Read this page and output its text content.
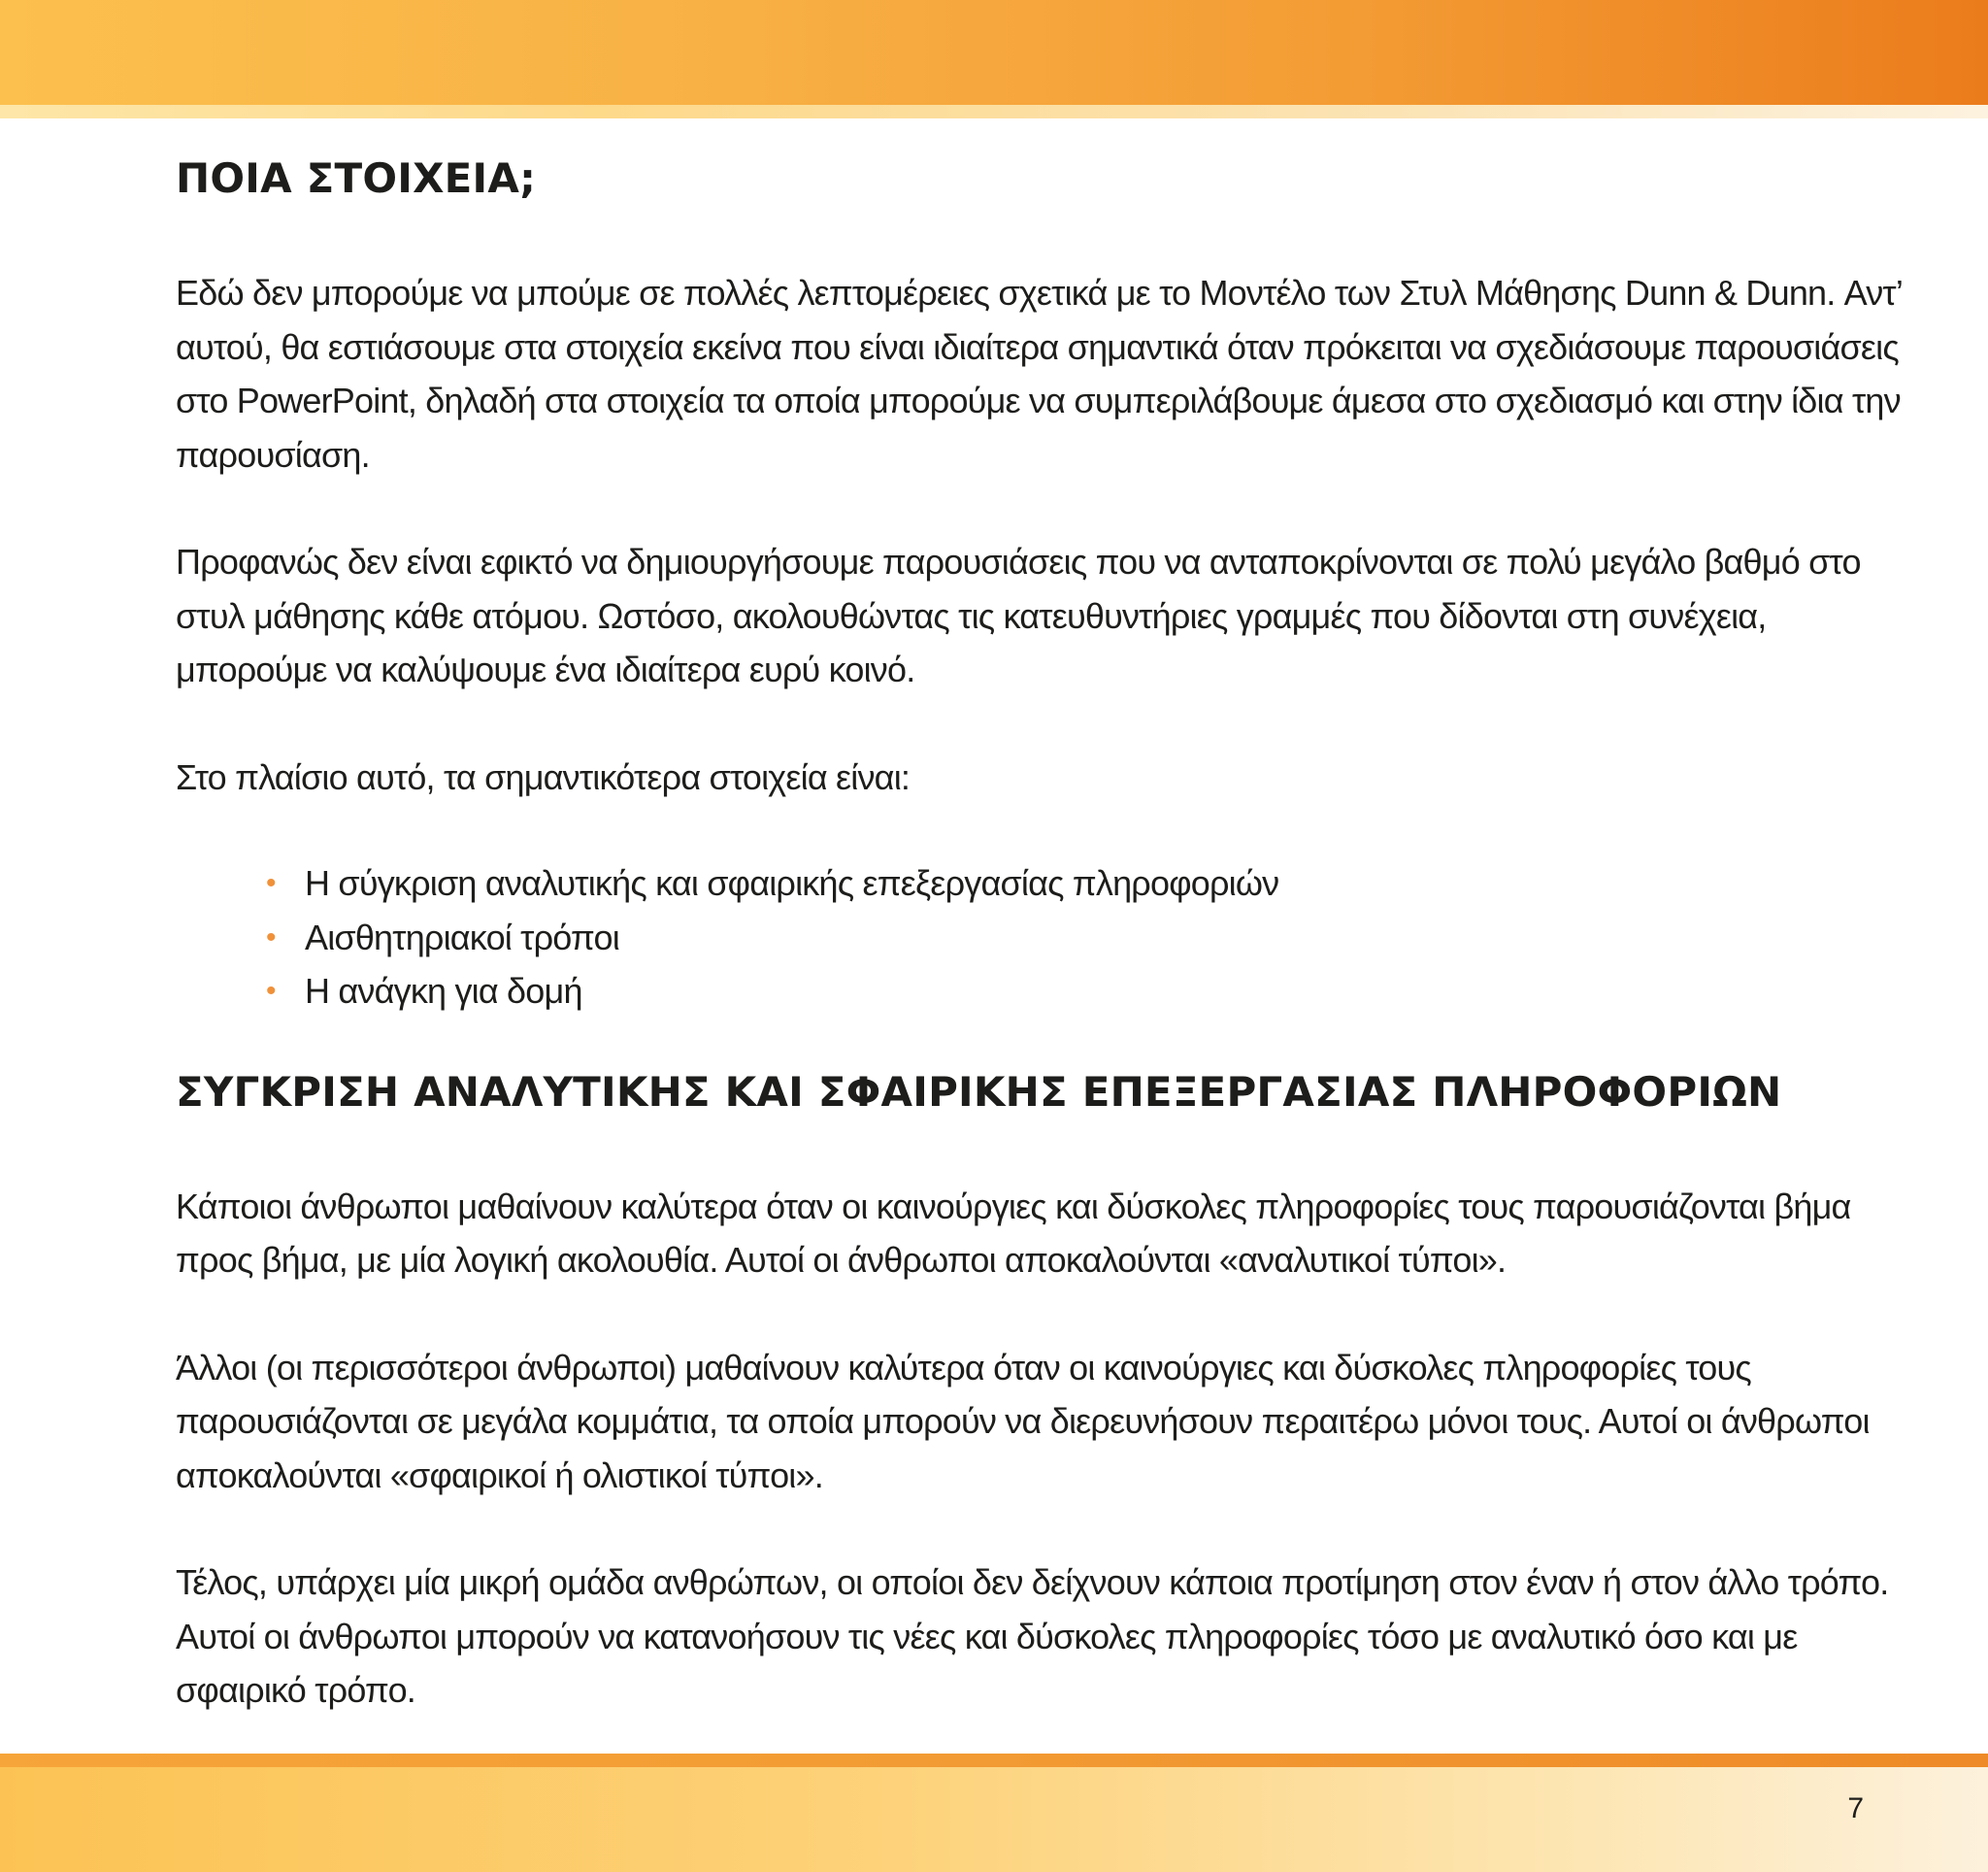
ΠΟΙΑ ΣΤΟΙΧΕΙΑ;

Εδώ δεν μπορούμε να μπούμε σε πολλές λεπτομέρειες σχετικά με το Μοντέλο των Στυλ Μάθησης Dunn & Dunn. Αντ’ αυτού, θα εστιάσουμε στα στοιχεία εκείνα που είναι ιδιαίτερα σημαντικά όταν πρόκειται να σχεδιάσουμε παρουσιάσεις στο PowerPoint, δηλαδή στα στοιχεία τα οποία μπορούμε να συμπεριλάβουμε άμεσα στο σχεδιασμό και στην ίδια την παρουσίαση.

Προφανώς δεν είναι εφικτό να δημιουργήσουμε παρουσιάσεις που να ανταποκρίνονται σε πολύ μεγάλο βαθμό στο στυλ μάθησης κάθε ατόμου. Ωστόσο, ακολουθώντας τις κατευθυντήριες γραμμές που δίδονται στη συνέχεια, μπορούμε να καλύψουμε ένα ιδιαίτερα ευρύ κοινό.

Στο πλαίσιο αυτό, τα σημαντικότερα στοιχεία είναι:

• Η σύγκριση αναλυτικής και σφαιρικής επεξεργασίας πληροφοριών
• Αισθητηριακοί τρόποι
• Η ανάγκη για δομή
ΣΥΓΚΡΙΣΗ ΑΝΑΛΥΤΙΚΗΣ ΚΑΙ ΣΦΑΙΡΙΚΗΣ ΕΠΕΞΕΡΓΑΣΙΑΣ ΠΛΗΡΟΦΟΡΙΩΝ

Κάποιοι άνθρωποι μαθαίνουν καλύτερα όταν οι καινούργιες και δύσκολες πληροφορίες τους παρουσιάζονται βήμα προς βήμα, με μία λογική ακολουθία. Αυτοί οι άνθρωποι αποκαλούνται «αναλυτικοί τύποι».

Άλλοι (οι περισσότεροι άνθρωποι) μαθαίνουν καλύτερα όταν οι καινούργιες και δύσκολες πληροφορίες τους παρουσιάζονται σε μεγάλα κομμάτια, τα οποία μπορούν να διερευνήσουν περαιτέρω μόνοι τους. Αυτοί οι άνθρωποι αποκαλούνται «σφαιρικοί ή ολιστικοί τύποι».

Τέλος, υπάρχει μία μικρή ομάδα ανθρώπων, οι οποίοι δεν δείχνουν κάποια προτίμηση στον έναν ή στον άλλο τρόπο. Αυτοί οι άνθρωποι μπορούν να κατανοήσουν τις νέες και δύσκολες πληροφορίες τόσο με αναλυτικό όσο και με σφαιρικό τρόπο.

7
